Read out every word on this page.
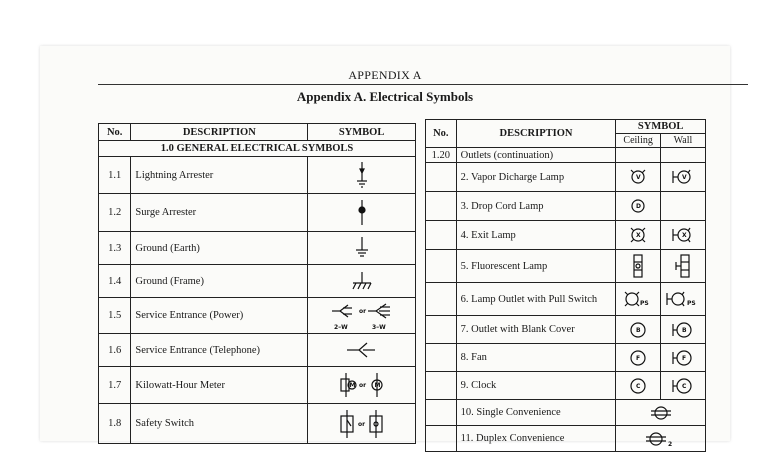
APPENDIX A
Appendix A. Electrical Symbols
No.	DESCRIPTION	SYMBOL
1.0 GENERAL ELECTRICAL SYMBOLS		
1.1	Lightning Arrester	

1.2	Surge Arrester	

1.3	Ground (Earth)	

1.4	Ground (Frame)	

1.5	Service Entrance (Power)	or
2–W 3–W

1.6	Service Entrance (Telephone)	

1.7	Kilowatt-Hour Meter	M or M

1.8	Safety Switch	or
No.	DESCRIPTION	SYMBOL	
		Ceiling	Wall
1.20	Outlets (continuation)		
	2. Vapor Dicharge Lamp	V	V

	3. Drop Cord Lamp	D	

	4. Exit Lamp	X	X

	5. Fluorescent Lamp	

	6. Lamp Outlet with Pull Switch	PS	PS

	7. Outlet with Blank Cover	B	B

	8. Fan	F	F

	9. Clock	C	C

	10. Single Convenience	

	11. Duplex Convenience	2	
